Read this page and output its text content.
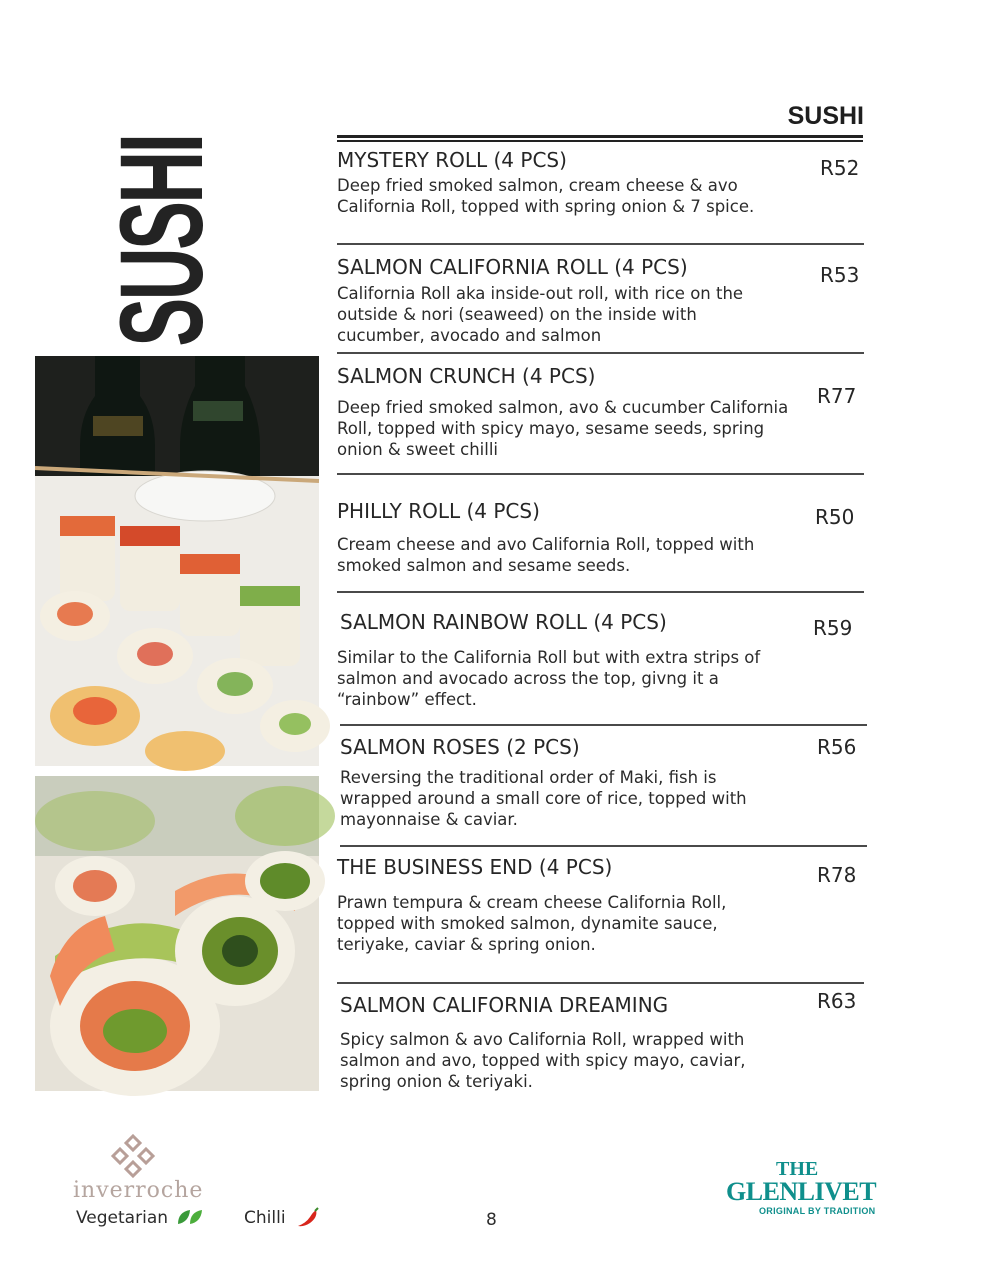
SUSHI
SUSHI
MYSTERY ROLL (4 PCS)	R52
Deep fried smoked salmon, cream cheese & avo California Roll, topped with spring onion & 7 spice.
SALMON CALIFORNIA ROLL (4 PCS)	R53
California Roll aka inside-out roll, with rice on the outside & nori (seaweed) on the inside with cucumber, avocado and salmon
SALMON CRUNCH (4 PCS)
R77
Deep fried smoked salmon, avo & cucumber California Roll, topped with spicy mayo, sesame seeds, spring onion & sweet chilli
PHILLY ROLL (4 PCS)	R50
Cream cheese and avo California Roll, topped with smoked salmon and sesame seeds.
SALMON RAINBOW ROLL (4 PCS)	R59
Similar to the California Roll but with extra strips of salmon and avocado across the top, givng it a “rainbow” effect.
SALMON ROSES (2 PCS)	R56
Reversing the traditional order of Maki, fish is wrapped around a small core of rice, topped with mayonnaise & caviar.
THE BUSINESS END (4 PCS)	R78
Prawn tempura & cream cheese California Roll, topped with smoked salmon, dynamite sauce, teriyake, caviar & spring onion.
SALMON CALIFORNIA DREAMING	R63
Spicy salmon & avo California Roll, wrapped with salmon and avo, topped with spicy mayo, caviar, spring onion & teriyaki.
inverroche
Vegetarian	Chilli	8
THE
GLENLIVET
ORIGINAL BY TRADITION
